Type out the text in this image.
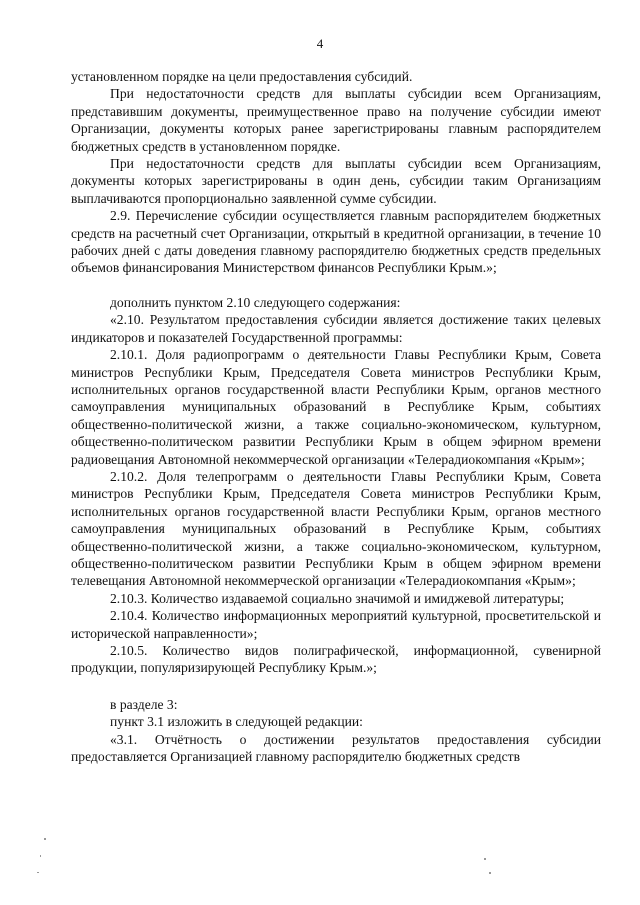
4

установленном порядке на цели предоставления субсидий.

При недостаточности средств для выплаты субсидии всем Организациям, представившим документы, преимущественное право на получение субсидии имеют Организации, документы которых ранее зарегистрированы главным распорядителем бюджетных средств в установленном порядке.

При недостаточности средств для выплаты субсидии всем Организациям, документы которых зарегистрированы в один день, субсидии таким Организациям выплачиваются пропорционально заявленной сумме субсидии.

2.9. Перечисление субсидии осуществляется главным распорядителем бюджетных средств на расчетный счет Организации, открытый в кредитной организации, в течение 10 рабочих дней с даты доведения главному распорядителю бюджетных средств предельных объемов финансирования Министерством финансов Республики Крым.»;

дополнить пунктом 2.10 следующего содержания:

«2.10. Результатом предоставления субсидии является достижение таких целевых индикаторов и показателей Государственной программы:

2.10.1. Доля радиопрограмм о деятельности Главы Республики Крым, Совета министров Республики Крым, Председателя Совета министров Республики Крым, исполнительных органов государственной власти Республики Крым, органов местного самоуправления муниципальных образований в Республике Крым, событиях общественно-политической жизни, а также социально-экономическом, культурном, общественно-политическом развитии Республики Крым в общем эфирном времени радиовещания Автономной некоммерческой организации «Телерадиокомпания «Крым»;

2.10.2. Доля телепрограмм о деятельности Главы Республики Крым, Совета министров Республики Крым, Председателя Совета министров Республики Крым, исполнительных органов государственной власти Республики Крым, органов местного самоуправления муниципальных образований в Республике Крым, событиях общественно-политической жизни, а также социально-экономическом, культурном, общественно-политическом развитии Республики Крым в общем эфирном времени телевещания Автономной некоммерческой организации «Телерадиокомпания «Крым»;

2.10.3. Количество издаваемой социально значимой и имиджевой литературы;

2.10.4. Количество информационных мероприятий культурной, просветительской и исторической направленности»;

2.10.5. Количество видов полиграфической, информационной, сувенирной продукции, популяризирующей Республику Крым.»;

в разделе 3:

пункт 3.1 изложить в следующей редакции:

«3.1. Отчётность о достижении результатов предоставления субсидии предоставляется Организацией главному распорядителю бюджетных средств
